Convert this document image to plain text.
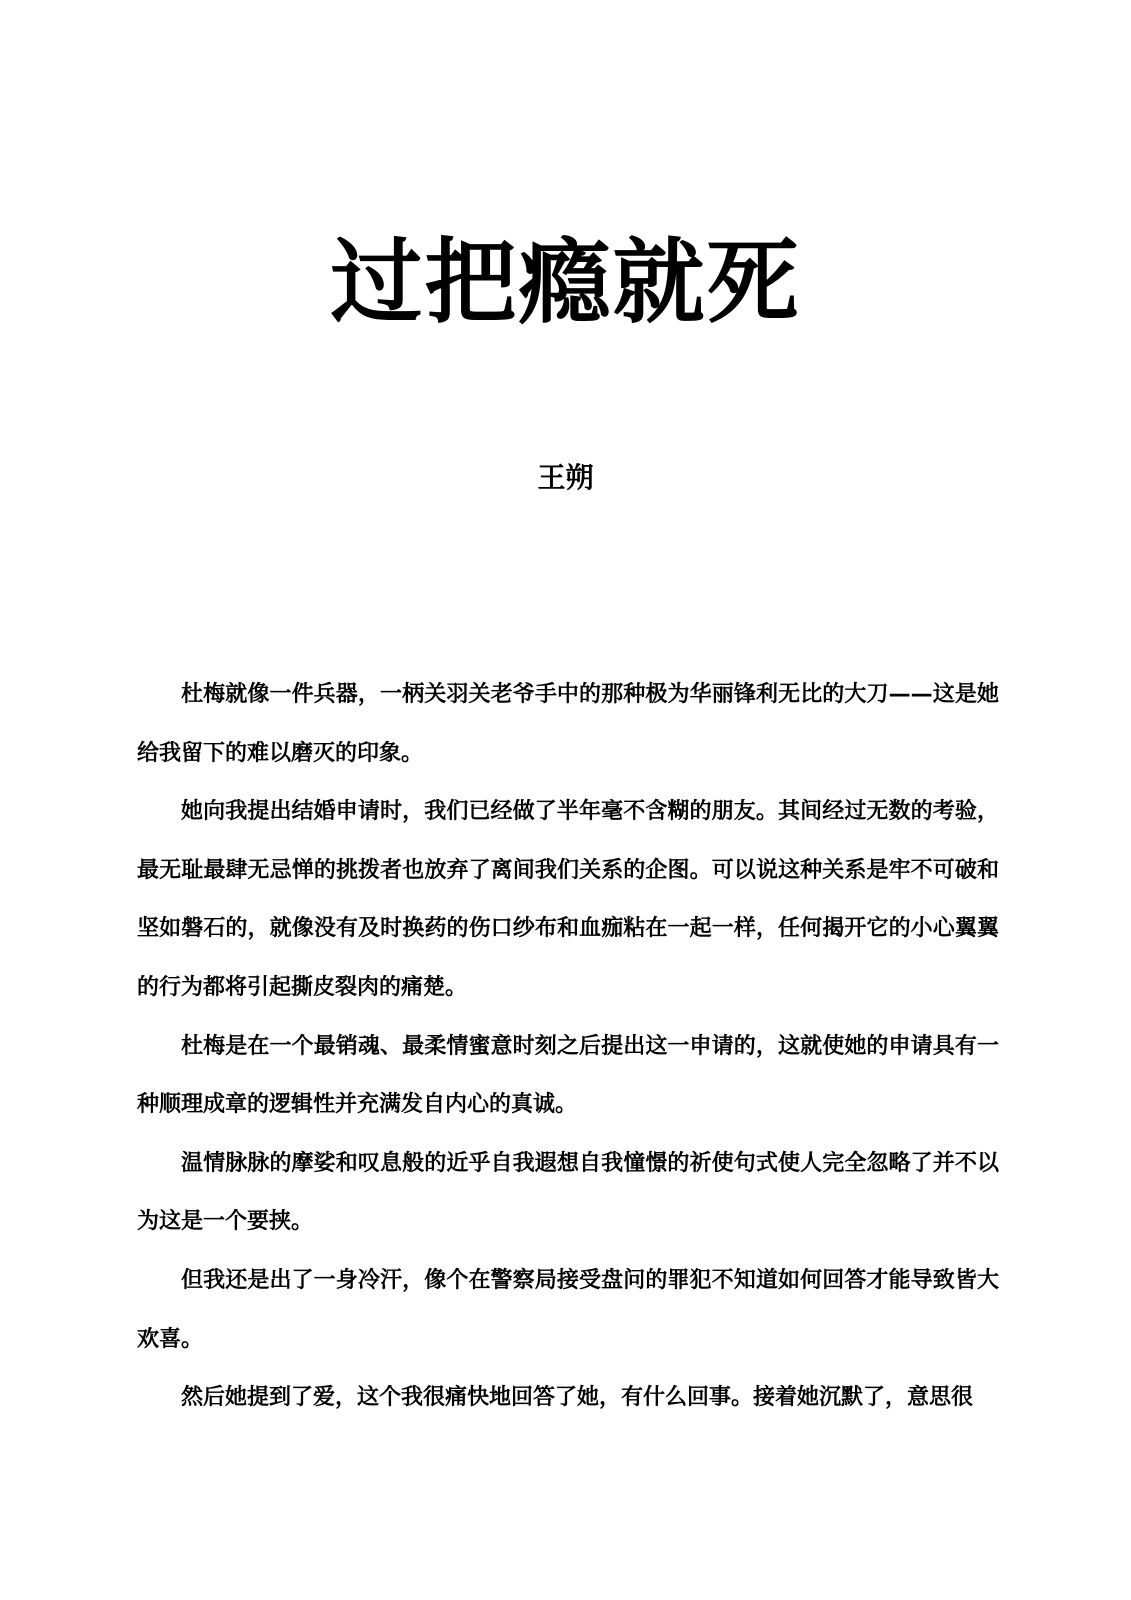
过把瘾就死
王朔

杜梅就像一件兵器，一柄关羽关老爷手中的那种极为华丽锋利无比的大刀——这是她给我留下的难以磨灭的印象。

她向我提出结婚申请时，我们已经做了半年毫不含糊的朋友。其间经过无数的考验，最无耻最肆无忌惮的挑拨者也放弃了离间我们关系的企图。可以说这种关系是牢不可破和坚如磐石的，就像没有及时换药的伤口纱布和血痂粘在一起一样，任何揭开它的小心翼翼的行为都将引起撕皮裂肉的痛楚。

杜梅是在一个最销魂、最柔情蜜意时刻之后提出这一申请的，这就使她的申请具有一种顺理成章的逻辑性并充满发自内心的真诚。

温情脉脉的摩娑和叹息般的近乎自我遐想自我憧憬的祈使句式使人完全忽略了并不以为这是一个要挟。

但我还是出了一身冷汗，像个在警察局接受盘问的罪犯不知道如何回答才能导致皆大欢喜。

然后她提到了爱，这个我很痛快地回答了她，有什么回事。接着她沉默了，意思很
